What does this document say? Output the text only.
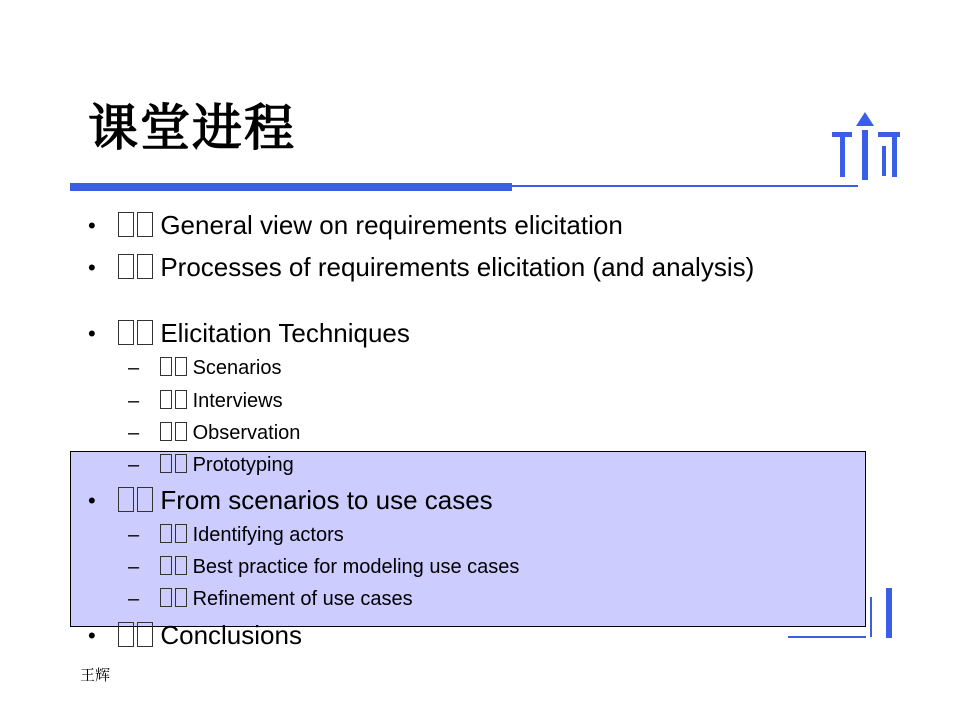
课堂进程
• General view on requirements elicitation
• Processes of requirements elicitation (and analysis)
• Elicitation Techniques
–	Scenarios
–	Interviews
–	Observation
–	Prototyping
• From scenarios to use cases
–	Identifying actors
–	Best practice for modeling use cases
–	Refinement of use cases
• Conclusions
王辉
